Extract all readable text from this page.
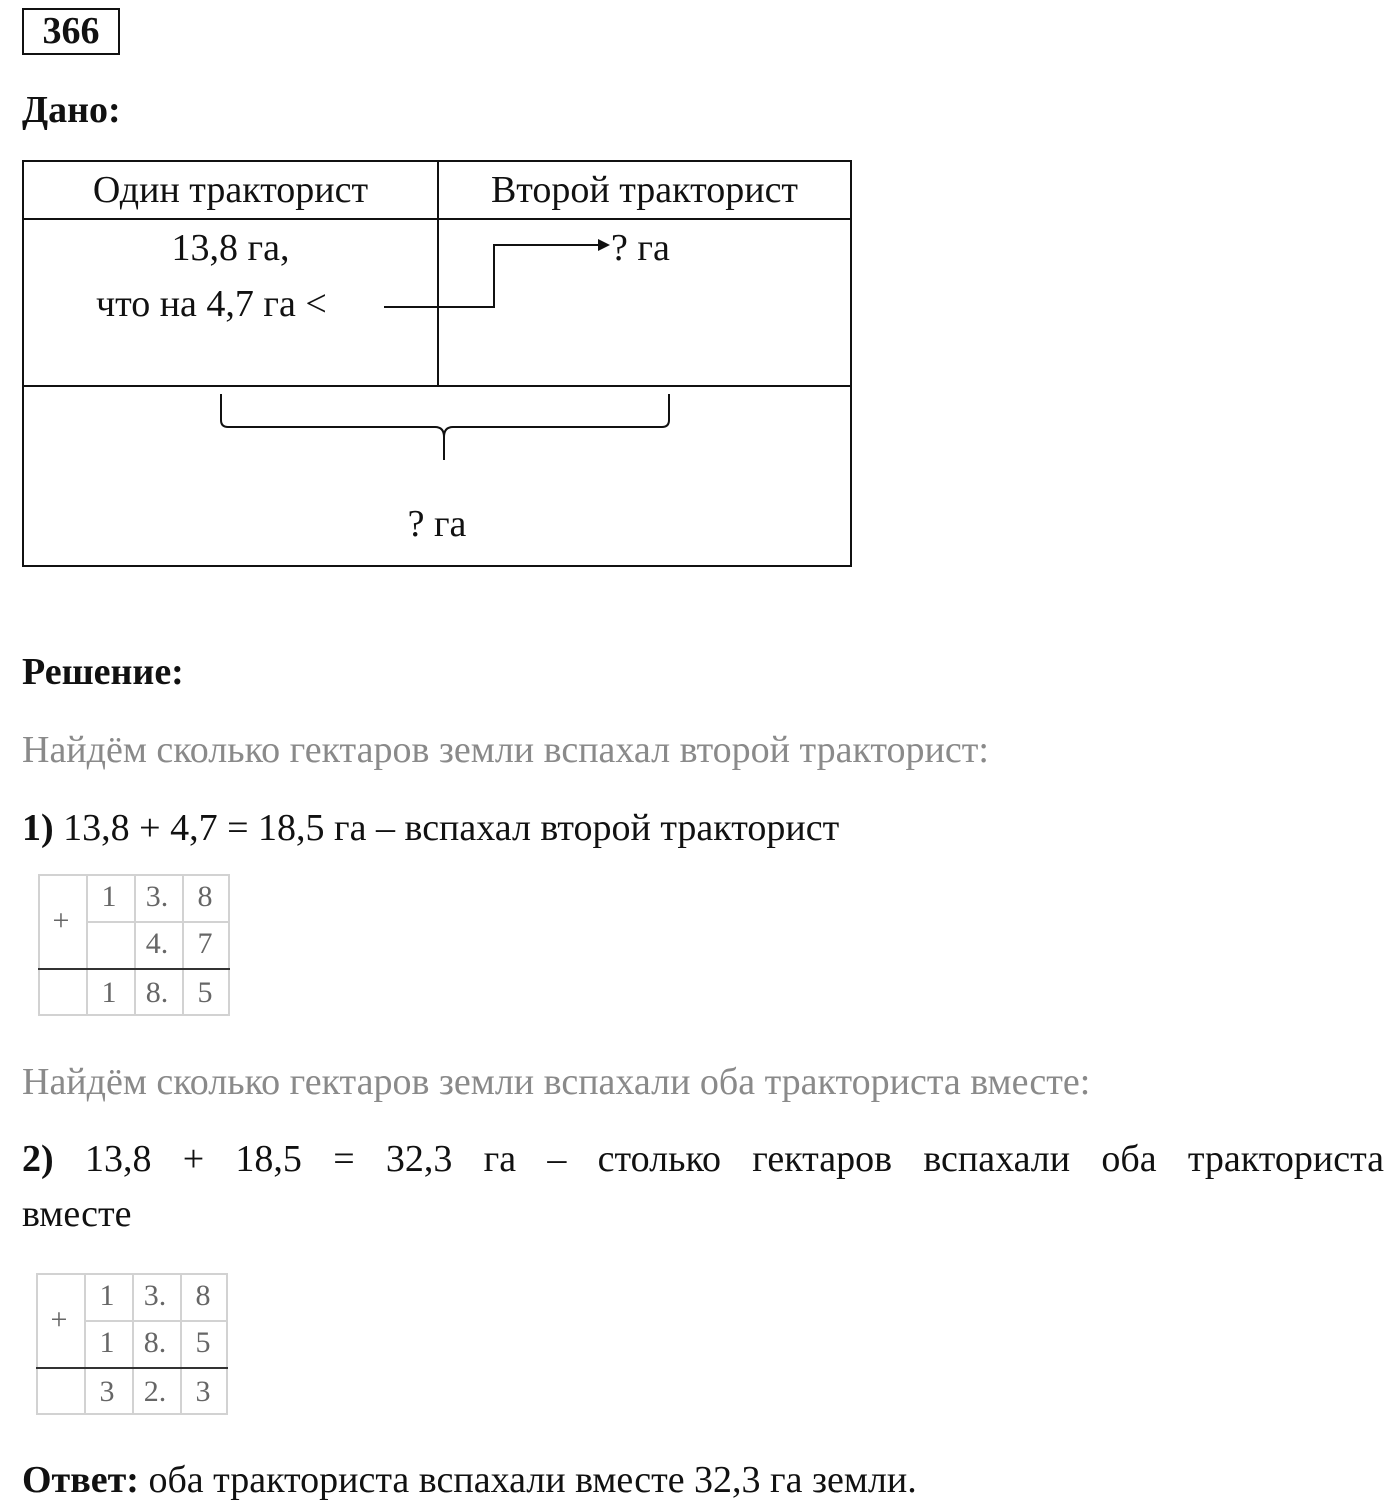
366
Дано:
Один тракторист	Второй тракторист
13,8 га,
что на 4,7 га <
? га
? га
Решение:
Найдём сколько гектаров земли вспахал второй тракторист:
1) 13,8 + 4,7 = 18,5 га – вспахал второй тракторист
+
1 3. 8
4. 7
1 8. 5
Найдём сколько гектаров земли вспахали оба тракториста вместе:
2) 13,8 + 18,5 = 32,3 га – столько гектаров вспахали оба тракториста
вместе
+
1 3. 8
1 8. 5
3 2. 3
Ответ: оба тракториста вспахали вместе 32,3 га земли.
